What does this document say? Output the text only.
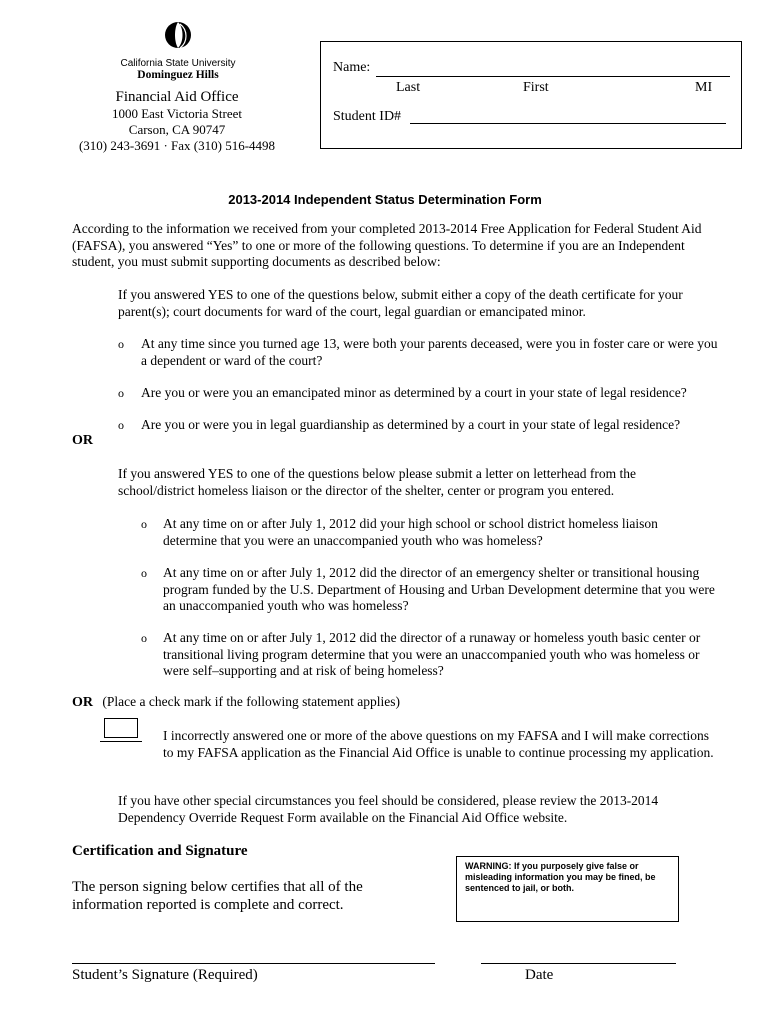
California State University
Dominguez Hills
Financial Aid Office
1000 East Victoria Street
Carson, CA 90747
(310) 243-3691 · Fax (310) 516-4498
Name:
Last	First	MI
Student ID#
2013-2014 Independent Status Determination Form
According to the information we received from your completed 2013-2014 Free Application for Federal Student Aid (FAFSA), you answered “Yes” to one or more of the following questions. To determine if you are an Independent student, you must submit supporting documents as described below:
If you answered YES to one of the questions below, submit either a copy of the death certificate for your parent(s); court documents for ward of the court, legal guardian or emancipated minor.
o At any time since you turned age 13, were both your parents deceased, were you in foster care or were you a dependent or ward of the court?
o Are you or were you an emancipated minor as determined by a court in your state of legal residence?
o Are you or were you in legal guardianship as determined by a court in your state of legal residence?
OR
If you answered YES to one of the questions below please submit a letter on letterhead from the school/district homeless liaison or the director of the shelter, center or program you entered.
o At any time on or after July 1, 2012 did your high school or school district homeless liaison determine that you were an unaccompanied youth who was homeless?
o At any time on or after July 1, 2012 did the director of an emergency shelter or transitional housing program funded by the U.S. Department of Housing and Urban Development determine that you were an unaccompanied youth who was homeless?
o At any time on or after July 1, 2012 did the director of a runaway or homeless youth basic center or transitional living program determine that you were an unaccompanied youth who was homeless or were self–supporting and at risk of being homeless?
OR (Place a check mark if the following statement applies)
I incorrectly answered one or more of the above questions on my FAFSA and I will make corrections to my FAFSA application as the Financial Aid Office is unable to continue processing my application.
If you have other special circumstances you feel should be considered, please review the 2013-2014 Dependency Override Request Form available on the Financial Aid Office website.
Certification and Signature
The person signing below certifies that all of the information reported is complete and correct.
WARNING: If you purposely give false or misleading information you may be fined, be sentenced to jail, or both.
Student’s Signature (Required)	Date
